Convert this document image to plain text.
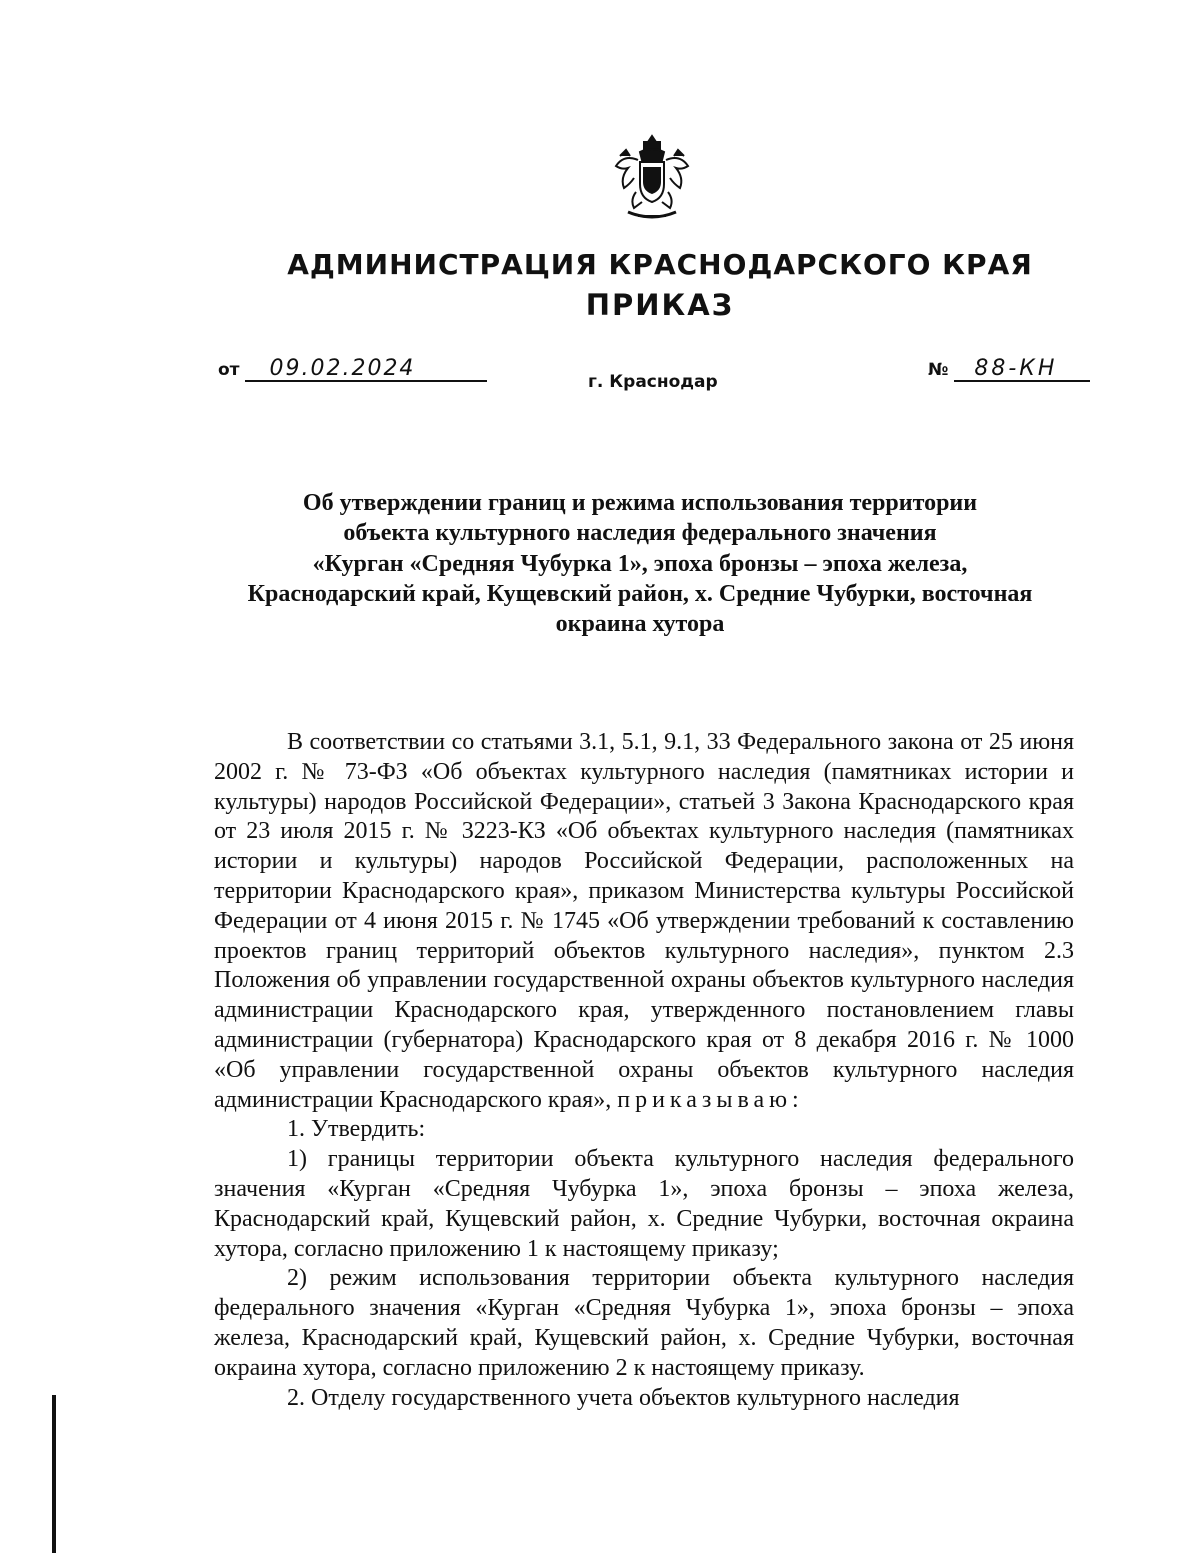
АДМИНИСТРАЦИЯ КРАСНОДАРСКОГО КРАЯ
ПРИКАЗ
от 09.02.2024	№ 88-КН
г. Краснодар
Об утверждении границ и режима использования территории
объекта культурного наследия федерального значения
«Курган «Средняя Чубурка 1», эпоха бронзы – эпоха железа,
Краснодарский край, Кущевский район, х. Средние Чубурки, восточная
окраина хутора

В соответствии со статьями 3.1, 5.1, 9.1, 33 Федерального закона от 25 июня 2002 г. № 73-ФЗ «Об объектах культурного наследия (памятниках истории и культуры) народов Российской Федерации», статьей 3 Закона Краснодарского края от 23 июля 2015 г. № 3223-КЗ «Об объектах культурного наследия (памятниках истории и культуры) народов Российской Федерации, расположенных на территории Краснодарского края», приказом Министерства культуры Российской Федерации от 4 июня 2015 г. № 1745 «Об утверждении требований к составлению проектов границ территорий объектов культурного наследия», пунктом 2.3 Положения об управлении государственной охраны объектов культурного наследия администрации Краснодарского края, утвержденного постановлением главы администрации (губернатора) Краснодарского края от 8 декабря 2016 г. № 1000 «Об управлении государственной охраны объектов культурного наследия администрации Краснодарского края», приказываю:

1. Утвердить:

1) границы территории объекта культурного наследия федерального значения «Курган «Средняя Чубурка 1», эпоха бронзы – эпоха железа, Краснодарский край, Кущевский район, х. Средние Чубурки, восточная окраина хутора, согласно приложению 1 к настоящему приказу;

2) режим использования территории объекта культурного наследия федерального значения «Курган «Средняя Чубурка 1», эпоха бронзы – эпоха железа, Краснодарский край, Кущевский район, х. Средние Чубурки, восточная окраина хутора, согласно приложению 2 к настоящему приказу.

2. Отделу государственного учета объектов культурного наследия
